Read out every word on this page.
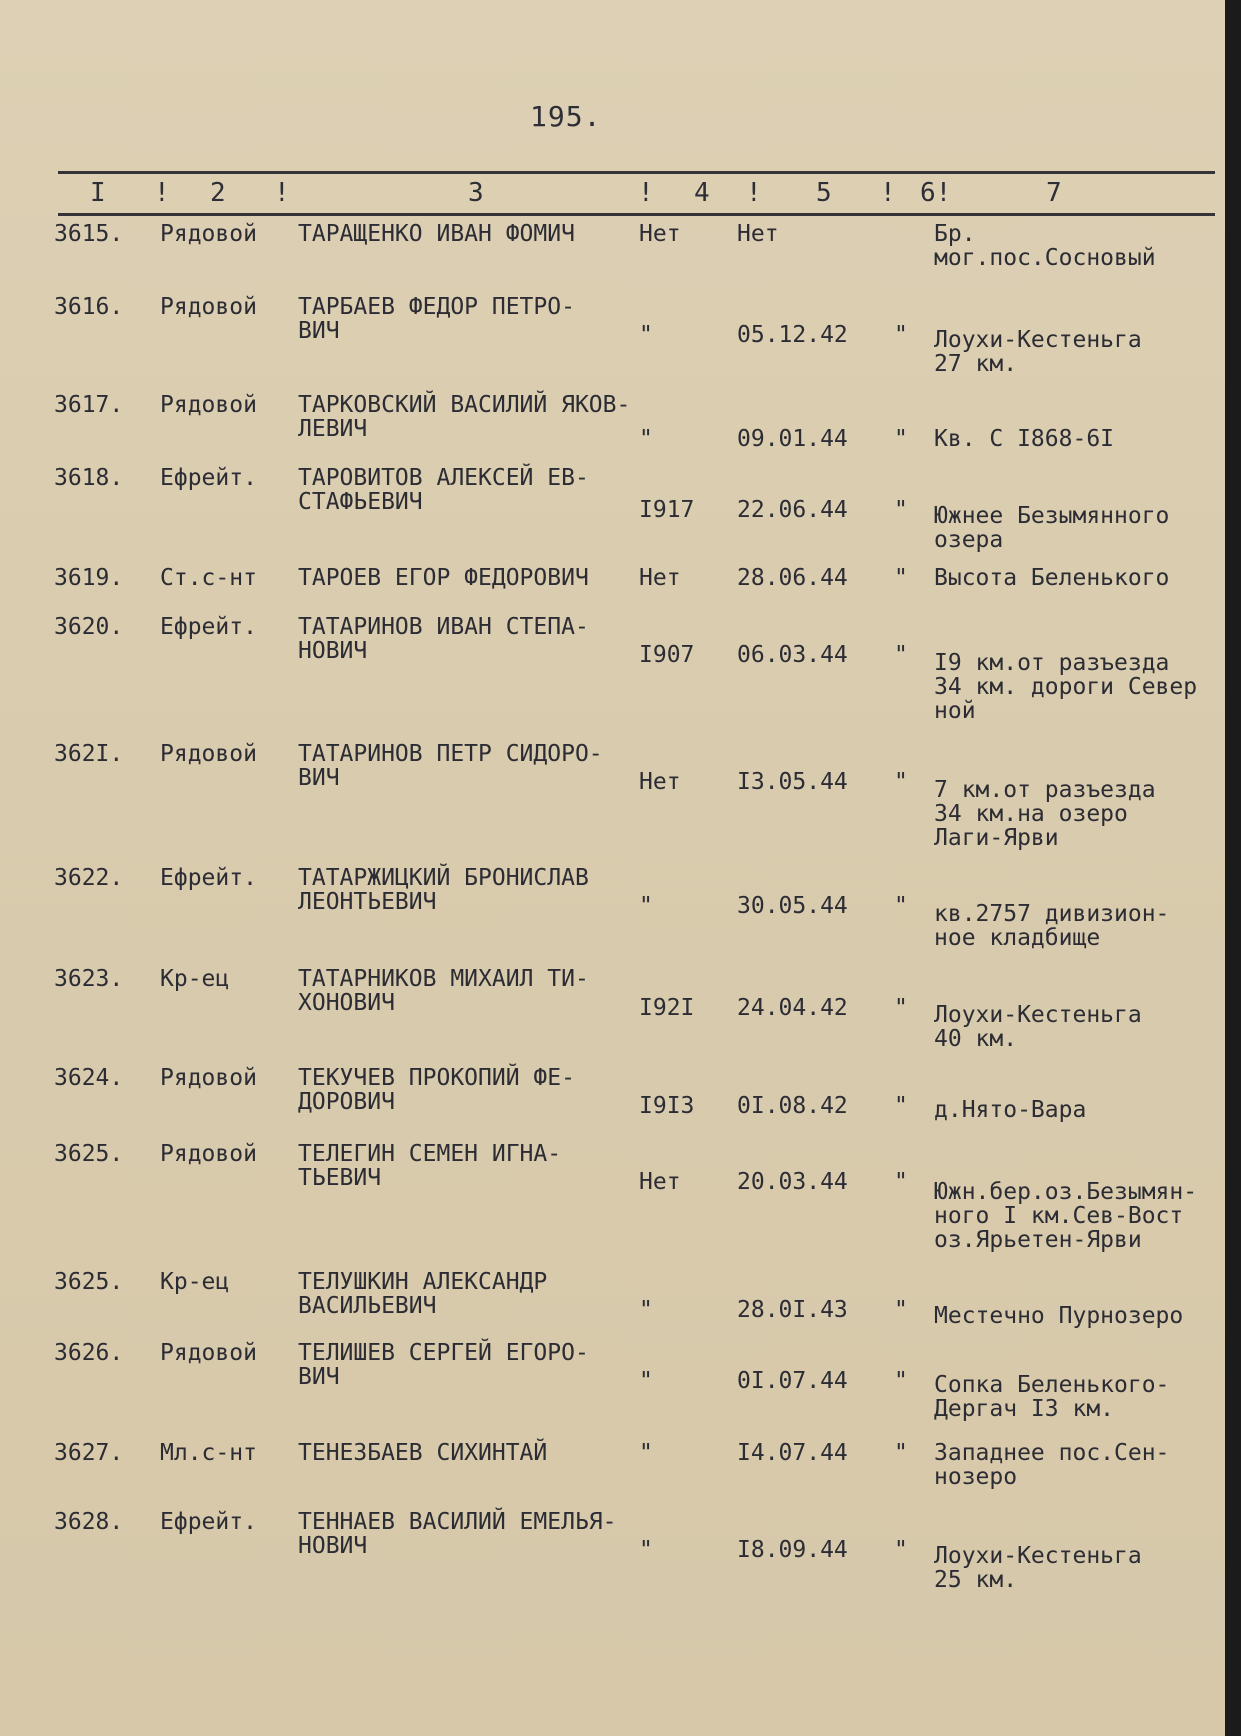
195.
I ! 2 !	3	! 4 ! 5 ! 6!	7
3615. Рядовой ТАРАЩЕНКО ИВАН ФОМИЧ	Нет Нет	Бр.
мог.пос.Сосновый
3616. Рядовой ТАРБАЕВ ФЕДОР ПЕТРО-
ВИЧ	"	05.12.42 " Лоухи-Кестеньга
27 км.
3617. Рядовой ТАРКОВСКИЙ ВАСИЛИЙ ЯКОВ-
ЛЕВИЧ	"	09.01.44 " Кв. С I868-6I
3618. Ефрейт. ТАРОВИТОВ АЛЕКСЕЙ ЕВ-
СТАФЬЕВИЧ	I917 22.06.44 " Южнее Безымянного
озера
3619. Ст.с-нт ТАРОЕВ ЕГОР ФЕДОРОВИЧ	Нет 28.06.44 " Высота Беленького
3620. Ефрейт. ТАТАРИНОВ ИВАН СТЕПА-
НОВИЧ	I907 06.03.44 " I9 км.от разъезда
34 км. дороги Север
ной
362I. Рядовой ТАТАРИНОВ ПЕТР СИДОРО-
ВИЧ	Нет I3.05.44 " 7 км.от разъезда
34 км.на озеро
Лаги-Ярви
3622. Ефрейт. ТАТАРЖИЦКИЙ БРОНИСЛАВ
ЛЕОНТЬЕВИЧ	"	30.05.44 " кв.2757 дивизион-
ное кладбище
3623. Кр-ец	ТАТАРНИКОВ МИХАИЛ ТИ-
ХОНОВИЧ	I92I 24.04.42 " Лоухи-Кестеньга
40 км.
3624. Рядовой ТЕКУЧЕВ ПРОКОПИЙ ФЕ-
ДОРОВИЧ	I9I3 0I.08.42 " д.Нято-Вара
3625. Рядовой ТЕЛЕГИН СЕМЕН ИГНА-
ТЬЕВИЧ	Нет 20.03.44 " Южн.бер.оз.Безымян-
ного I км.Сев-Вост
оз.Ярьетен-Ярви
3625. Кр-ец	ТЕЛУШКИН АЛЕКСАНДР
ВАСИЛЬЕВИЧ	"	28.0I.43 " Местечно Пурнозеро
3626. Рядовой ТЕЛИШЕВ СЕРГЕЙ ЕГОРО-
ВИЧ	"	0I.07.44 " Сопка Беленького-
Дергач I3 км.
3627. Мл.с-нт ТЕНЕЗБАЕВ СИХИНТАЙ	"	I4.07.44 " Западнее пос.Сен-
нозеро
3628. Ефрейт. ТЕННАЕВ ВАСИЛИЙ ЕМЕЛЬЯ-
НОВИЧ	"	I8.09.44 " Лоухи-Кестеньга
25 км.
